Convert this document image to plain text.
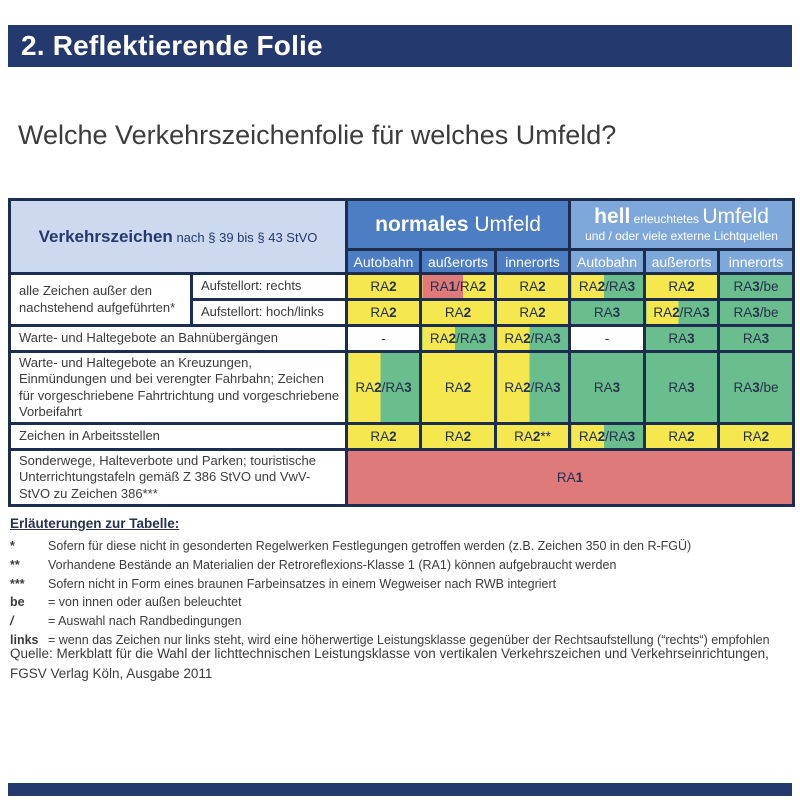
2. Reflektierende Folie
Welche Verkehrszeichenfolie für welches Umfeld?
Verkehrszeichen nach § 39 bis § 43 StVO		normales Umfeld			hell erleuchtetes Umfeld
und / oder viele externe Lichtquellen		

		Autobahn	außerorts	innerorts	Autobahn	außerorts	innerorts
alle Zeichen außer den nachstehend aufgeführten*	Aufstellort: rechts	RA2	RA1/RA2	RA2	RA2/RA3	RA2	RA3/be
	Aufstellort: hoch/links	RA2	RA2	RA2	RA3	RA2/RA3	RA3/be
Warte- und Haltegebote an Bahnübergängen		-	RA2/RA3	RA2/RA3	-	RA3	RA3
Warte- und Haltegebote an Kreuzungen, Einmündungen und bei verengter Fahrbahn; Zeichen für vorgeschriebene Fahrtrichtung und vorgeschriebene Vorbeifahrt		RA2/RA3	RA2	RA2/RA3	RA3	RA3	RA3/be
Zeichen in Arbeitsstellen		RA2	RA2	RA2**	RA2/RA3	RA2	RA2
Sonderwege, Halteverbote und Parken; touristische Unterrichtungstafeln gemäß Z 386 StVO und VwV-StVO zu Zeichen 386***		RA1					
Erläuterungen zur Tabelle:
*	Sofern für diese nicht in gesonderten Regelwerken Festlegungen getroffen werden (z.B. Zeichen 350 in den R-FGÜ)
**	Vorhandene Bestände an Materialien der Retroreflexions-Klasse 1 (RA1) können aufgebraucht werden
***	Sofern nicht in Form eines braunen Farbeinsatzes in einem Wegweiser nach RWB integriert
be	= von innen oder außen beleuchtet
/	= Auswahl nach Randbedingungen
links = wenn das Zeichen nur links steht, wird eine höherwertige Leistungsklasse gegenüber der Rechtsaufstellung (“rechts“) empfohlen
Quelle: Merkblatt für die Wahl der lichttechnischen Leistungsklasse von vertikalen Verkehrszeichen und Verkehrseinrichtungen,
FGSV Verlag Köln, Ausgabe 2011
